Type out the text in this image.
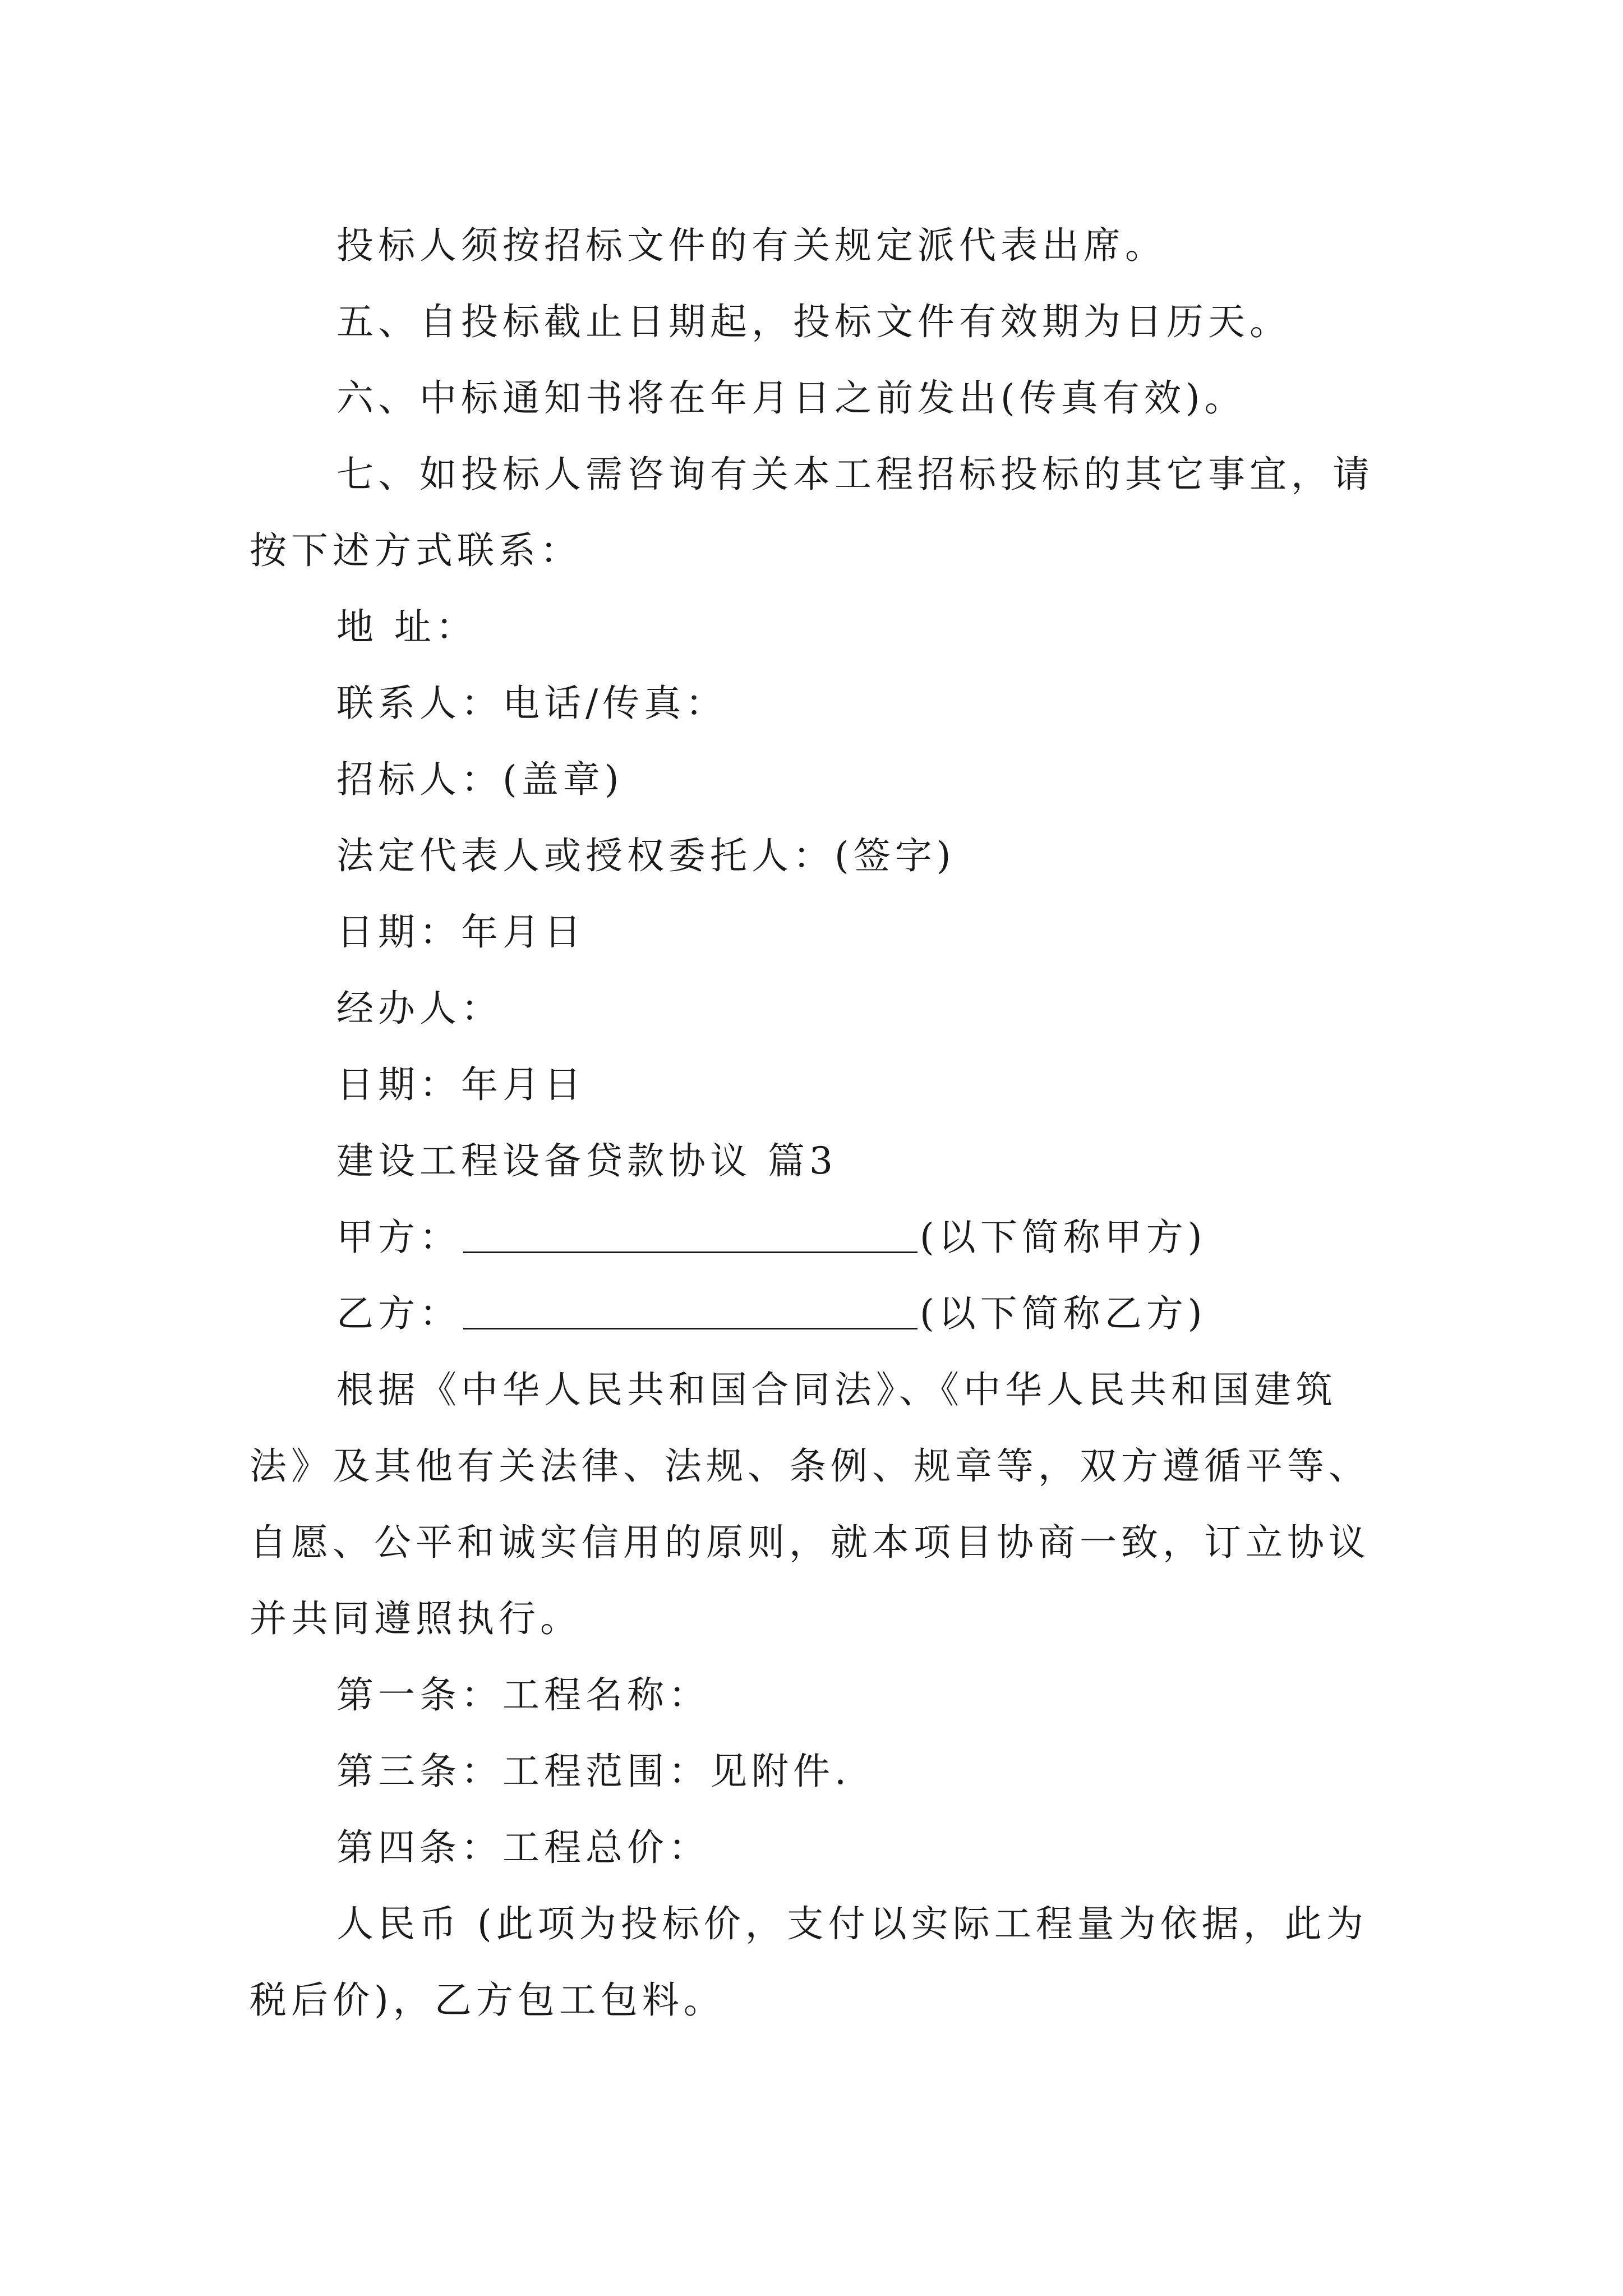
投标人须按招标文件的有关规定派代表出席。

五、自投标截止日期起，投标文件有效期为日历天。

六、中标通知书将在年月日之前发出(传真有效)。

七、如投标人需咨询有关本工程招标投标的其它事宜，请按下述方式联系：

地 址：

联系人：电话/传真：

招标人：(盖章)

法定代表人或授权委托人：(签字)

日期：年月日

经办人：

日期：年月日

建设工程设备贷款协议 篇3

甲方：	(以下简称甲方)

乙方：	(以下简称乙方)

根据《中华人民共和国合同法》、《中华人民共和国建筑法》及其他有关法律、法规、条例、规章等，双方遵循平等、自愿、公平和诚实信用的原则，就本项目协商一致，订立协议并共同遵照执行。

第一条：工程名称：

第三条：工程范围：见附件.

第四条：工程总价：

人民币 (此项为投标价，支付以实际工程量为依据，此为税后价)，乙方包工包料。
